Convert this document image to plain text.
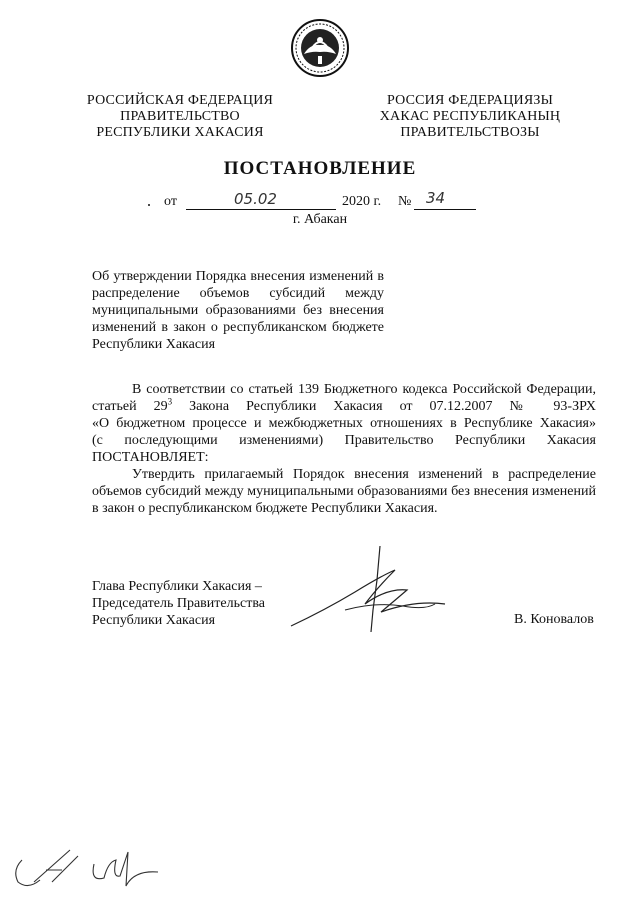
РОССИЙСКАЯ ФЕДЕРАЦИЯ
ПРАВИТЕЛЬСТВО
РЕСПУБЛИКИ ХАКАСИЯ
РОССИЯ ФЕДЕРАЦИЯЗЫ
ХАКАС РЕСПУБЛИКАНЫҢ
ПРАВИТЕЛЬСТВОЗЫ
ПОСТАНОВЛЕНИЕ
от	05.02	2020 г. № 34
г. Абакан
Об утверждении Порядка внесения изменений в
распределение объемов субсидий между
муниципальными образованиями без внесения
изменений в закон о республиканском бюджете
Республики Хакасия
В соответствии со статьей 139 Бюджетного кодекса Российской Федерации,
статьей $29^3$ Закона Республики Хакасия от 07.12.2007 № 93-ЗРХ
«О бюджетном процессе и межбюджетных отношениях в Республике Хакасия»
(с последующими изменениями) Правительство Республики Хакасия
ПОСТАНОВЛЯЕТ:
Утвердить прилагаемый Порядок внесения изменений в распределение
объемов субсидий между муниципальными образованиями без внесения изменений
в закон о республиканском бюджете Республики Хакасия.
Глава Республики Хакасия –
Председатель Правительства
Республики Хакасия	В. Коновалов
